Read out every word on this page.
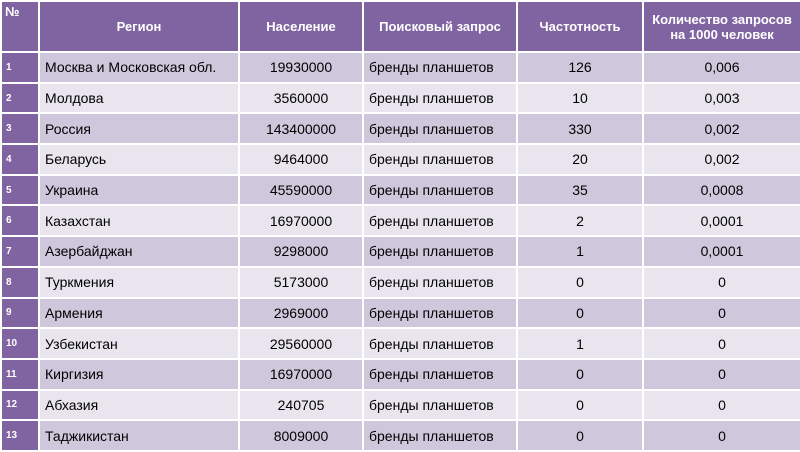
№	Регион	Население	Поисковый запрос	Частотность	Количество запросов на 1000 человек
1	Москва и Московская обл.	19930000	бренды планшетов	126	0,006
2	Молдова	3560000	бренды планшетов	10	0,003
3	Россия	143400000	бренды планшетов	330	0,002
4	Беларусь	9464000	бренды планшетов	20	0,002
5	Украина	45590000	бренды планшетов	35	0,0008
6	Казахстан	16970000	бренды планшетов	2	0,0001
7	Азербайджан	9298000	бренды планшетов	1	0,0001
8	Туркмения	5173000	бренды планшетов	0	0
9	Армения	2969000	бренды планшетов	0	0
10	Узбекистан	29560000	бренды планшетов	1	0
11	Киргизия	16970000	бренды планшетов	0	0
12	Абхазия	240705	бренды планшетов	0	0
13	Таджикистан	8009000	бренды планшетов	0	0
